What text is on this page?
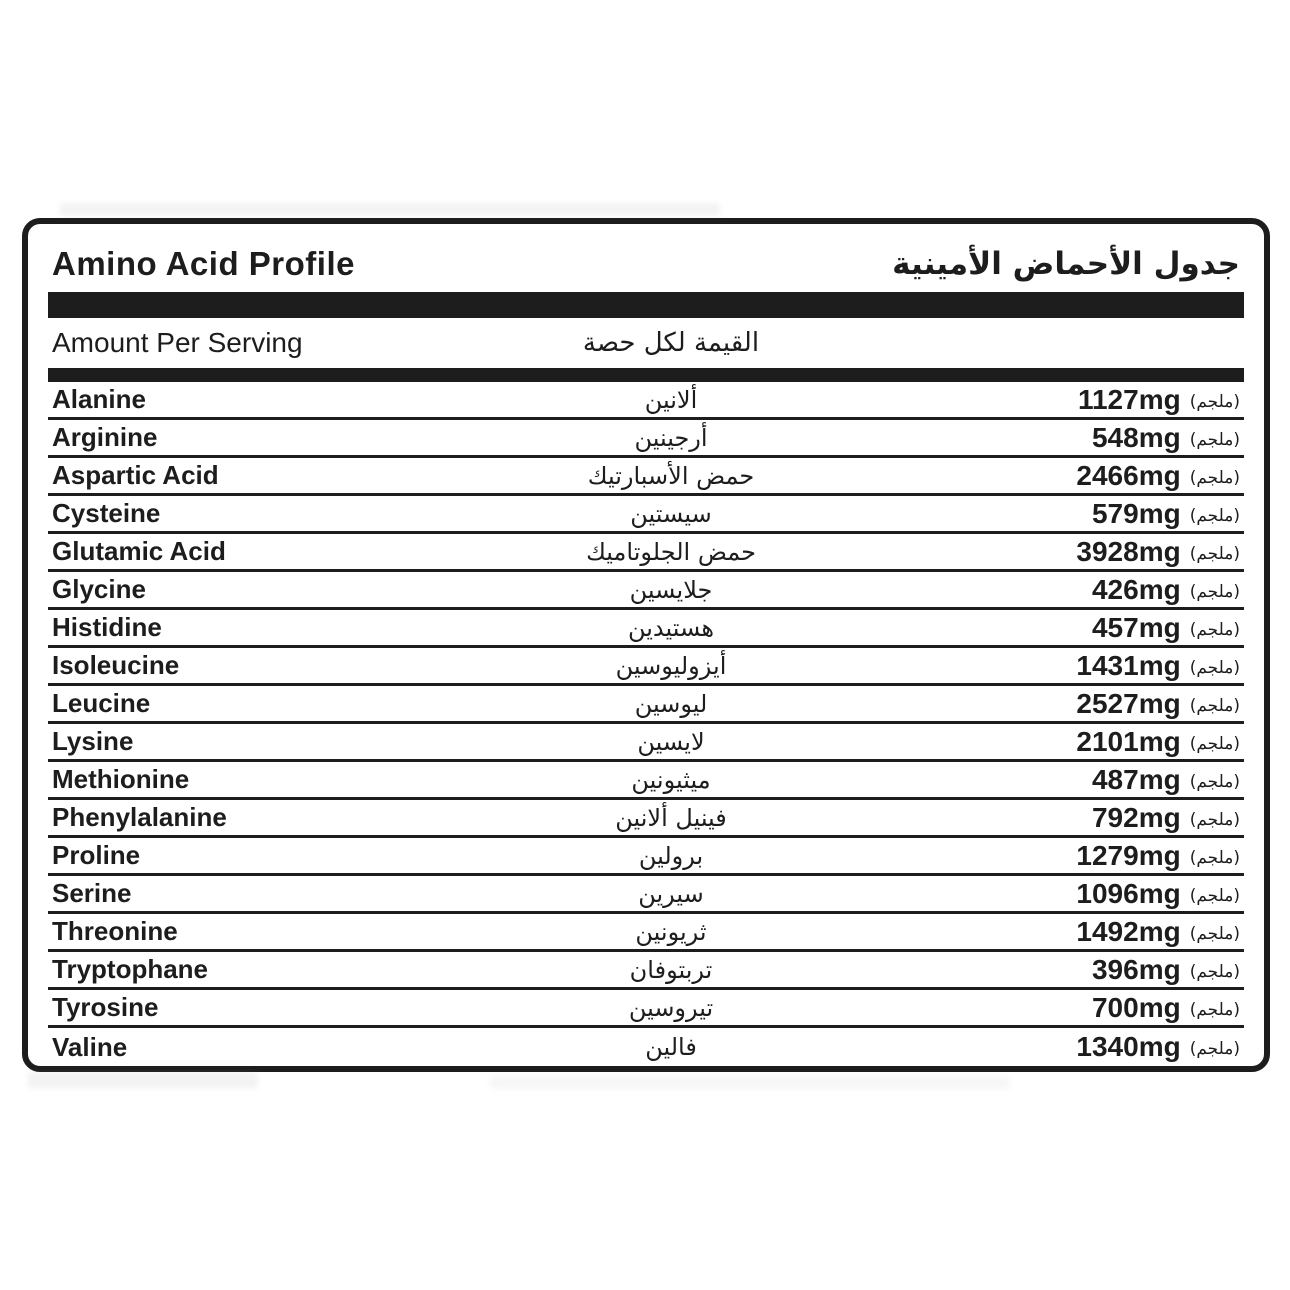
Amino Acid Profile	جدول الأحماض الأمينية
Amount Per Serving	القيمة لكل حصة
Alanine	ألانين	1127mg (ملجم)
Arginine	أرجينين	548mg (ملجم)
Aspartic Acid	حمض الأسبارتيك	2466mg (ملجم)
Cysteine	سيستين	579mg (ملجم)
Glutamic Acid	حمض الجلوتاميك	3928mg (ملجم)
Glycine	جلايسين	426mg (ملجم)
Histidine	هستيدين	457mg (ملجم)
Isoleucine	أيزوليوسين	1431mg (ملجم)
Leucine	ليوسين	2527mg (ملجم)
Lysine	لايسين	2101mg (ملجم)
Methionine	ميثيونين	487mg (ملجم)
Phenylalanine	فينيل ألانين	792mg (ملجم)
Proline	برولين	1279mg (ملجم)
Serine	سيرين	1096mg (ملجم)
Threonine	ثريونين	1492mg (ملجم)
Tryptophane	تربتوفان	396mg (ملجم)
Tyrosine	تيروسين	700mg (ملجم)
Valine	فالين	1340mg (ملجم)
